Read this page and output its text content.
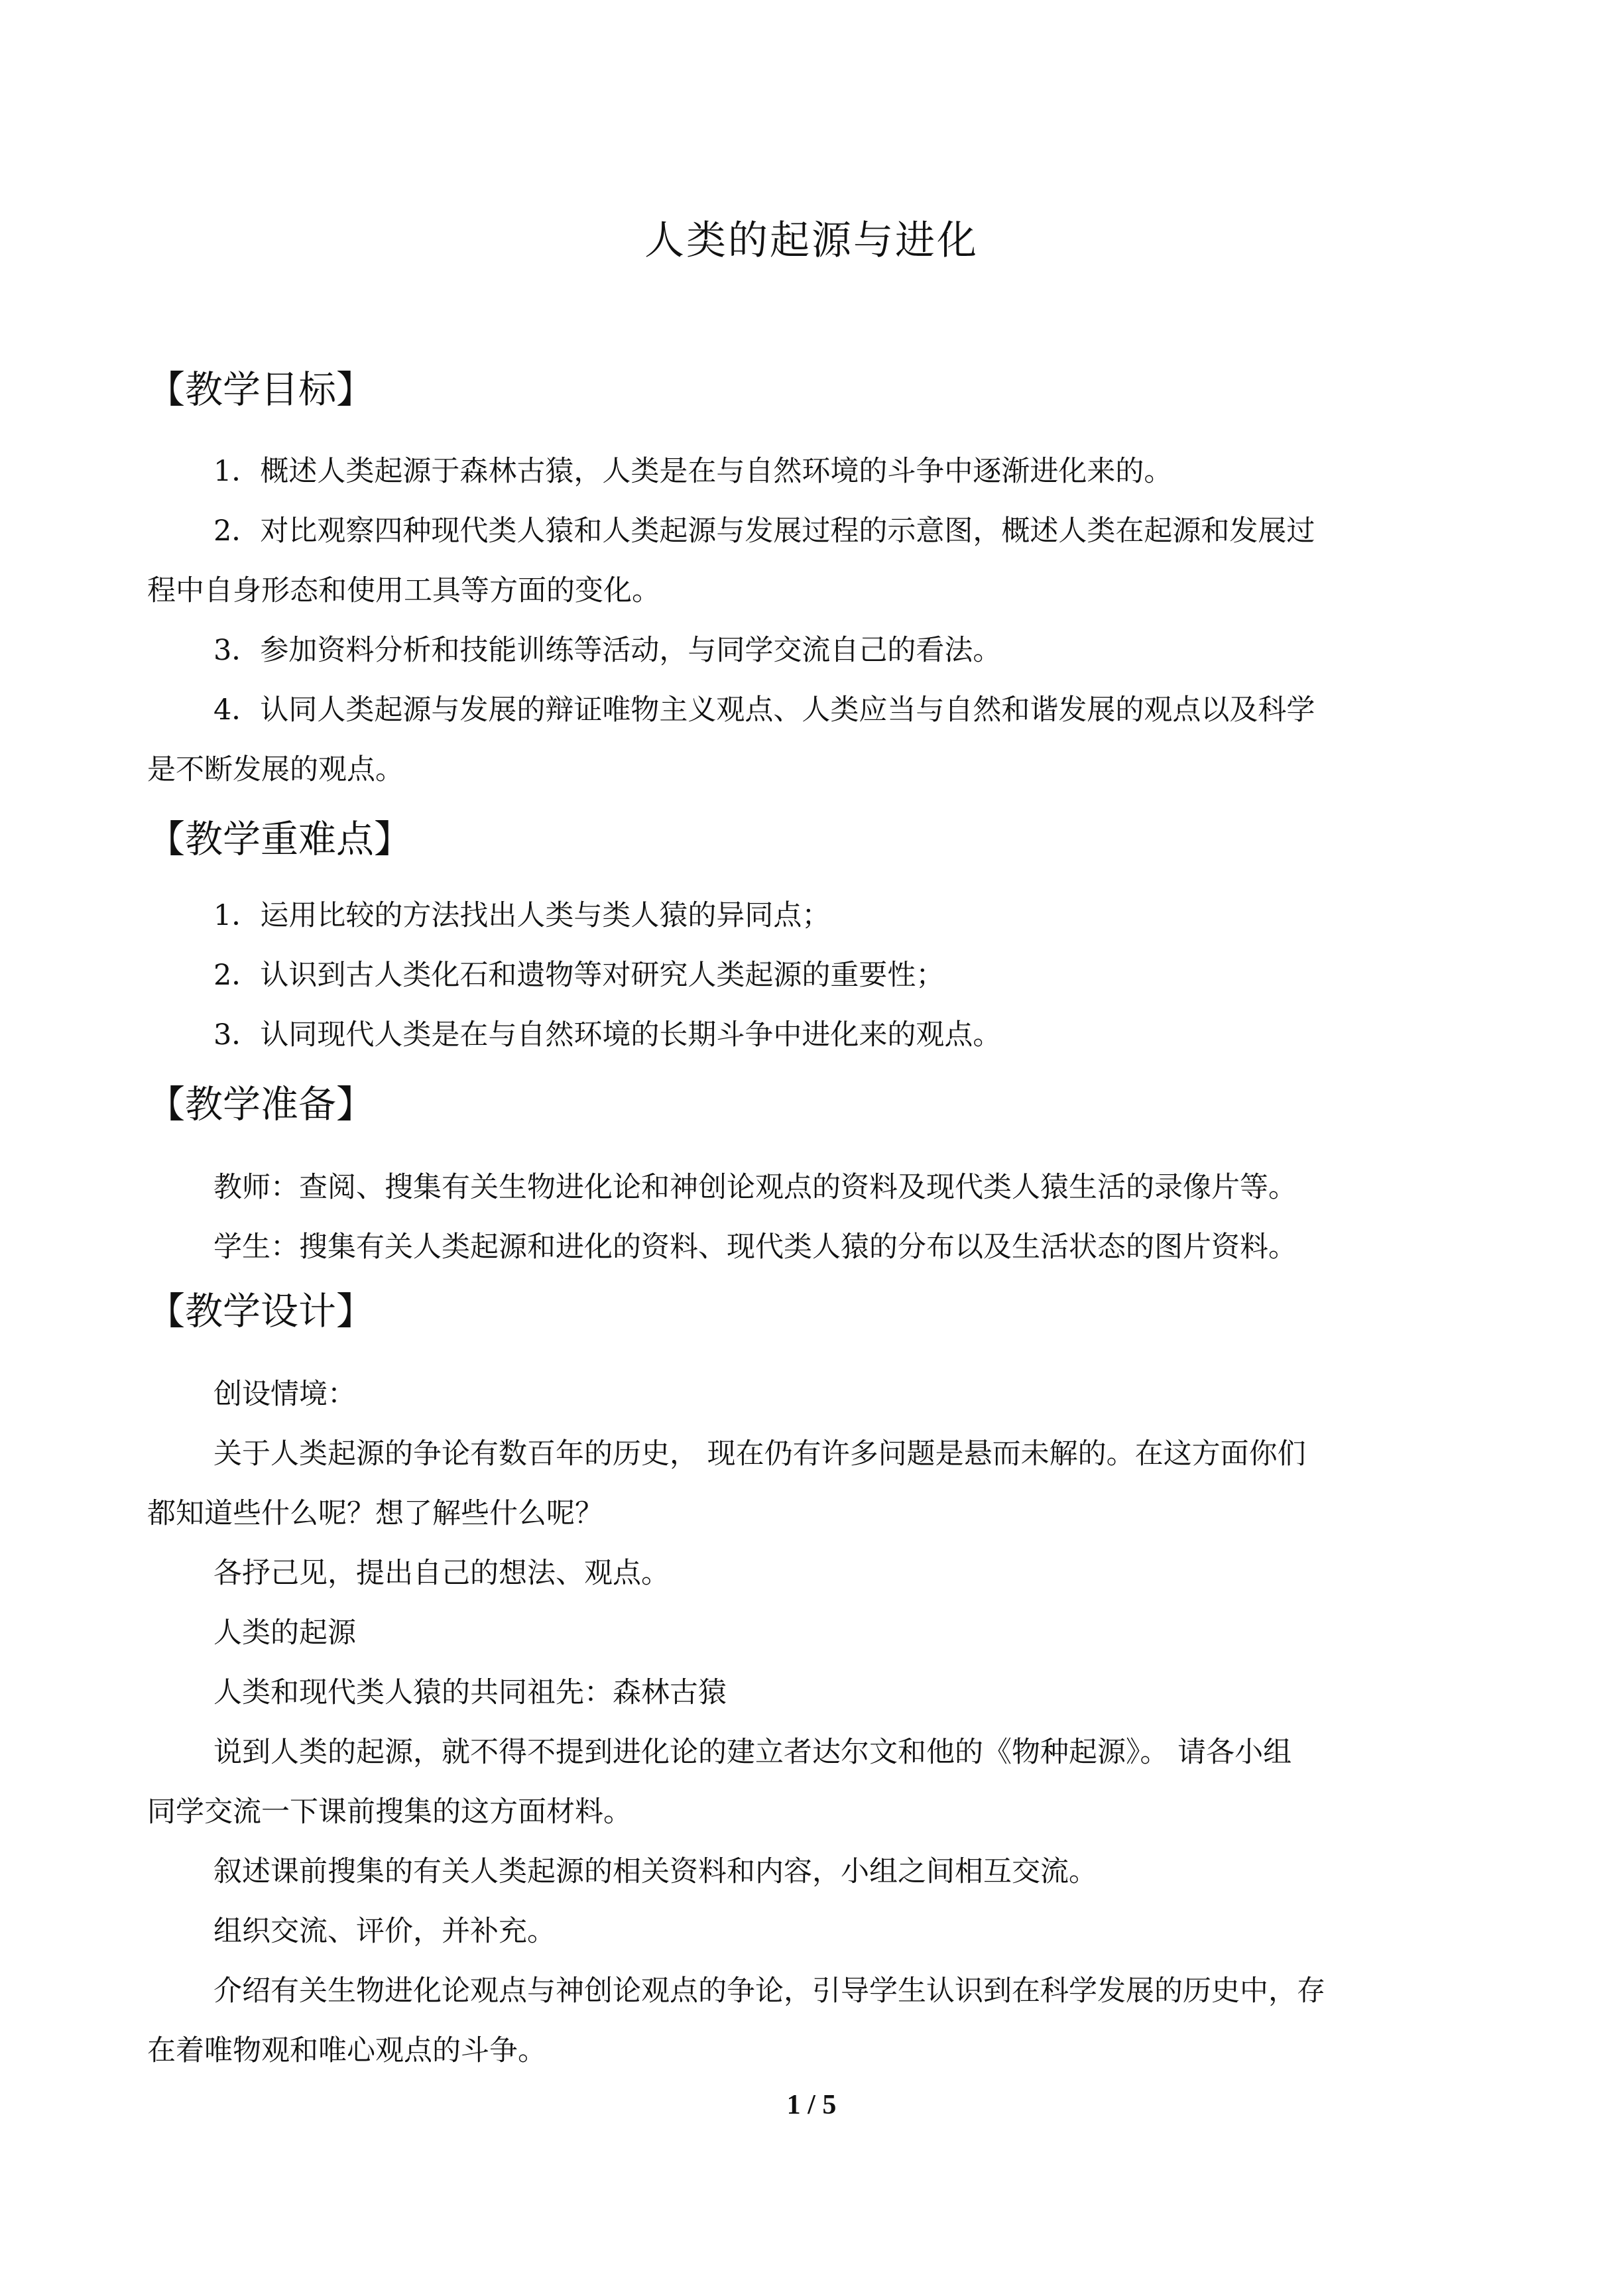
人类的起源与进化
【教学目标】
1．概述人类起源于森林古猿，人类是在与自然环境的斗争中逐渐进化来的。
2．对比观察四种现代类人猿和人类起源与发展过程的示意图，概述人类在起源和发展过
程中自身形态和使用工具等方面的变化。
3．参加资料分析和技能训练等活动，与同学交流自己的看法。
4．认同人类起源与发展的辩证唯物主义观点、人类应当与自然和谐发展的观点以及科学
是不断发展的观点。
【教学重难点】
1．运用比较的方法找出人类与类人猿的异同点；
2．认识到古人类化石和遗物等对研究人类起源的重要性；
3．认同现代人类是在与自然环境的长期斗争中进化来的观点。
【教学准备】
教师：查阅、搜集有关生物进化论和神创论观点的资料及现代类人猿生活的录像片等。
学生：搜集有关人类起源和进化的资料、现代类人猿的分布以及生活状态的图片资料。
【教学设计】
创设情境：
关于人类起源的争论有数百年的历史， 现在仍有许多问题是悬而未解的。在这方面你们
都知道些什么呢？想了解些什么呢？
各抒己见，提出自己的想法、观点。
人类的起源
人类和现代类人猿的共同祖先：森林古猿
说到人类的起源，就不得不提到进化论的建立者达尔文和他的《物种起源》。 请各小组
同学交流一下课前搜集的这方面材料。
叙述课前搜集的有关人类起源的相关资料和内容，小组之间相互交流。
组织交流、评价，并补充。
介绍有关生物进化论观点与神创论观点的争论，引导学生认识到在科学发展的历史中，存
在着唯物观和唯心观点的斗争。
1 / 5
